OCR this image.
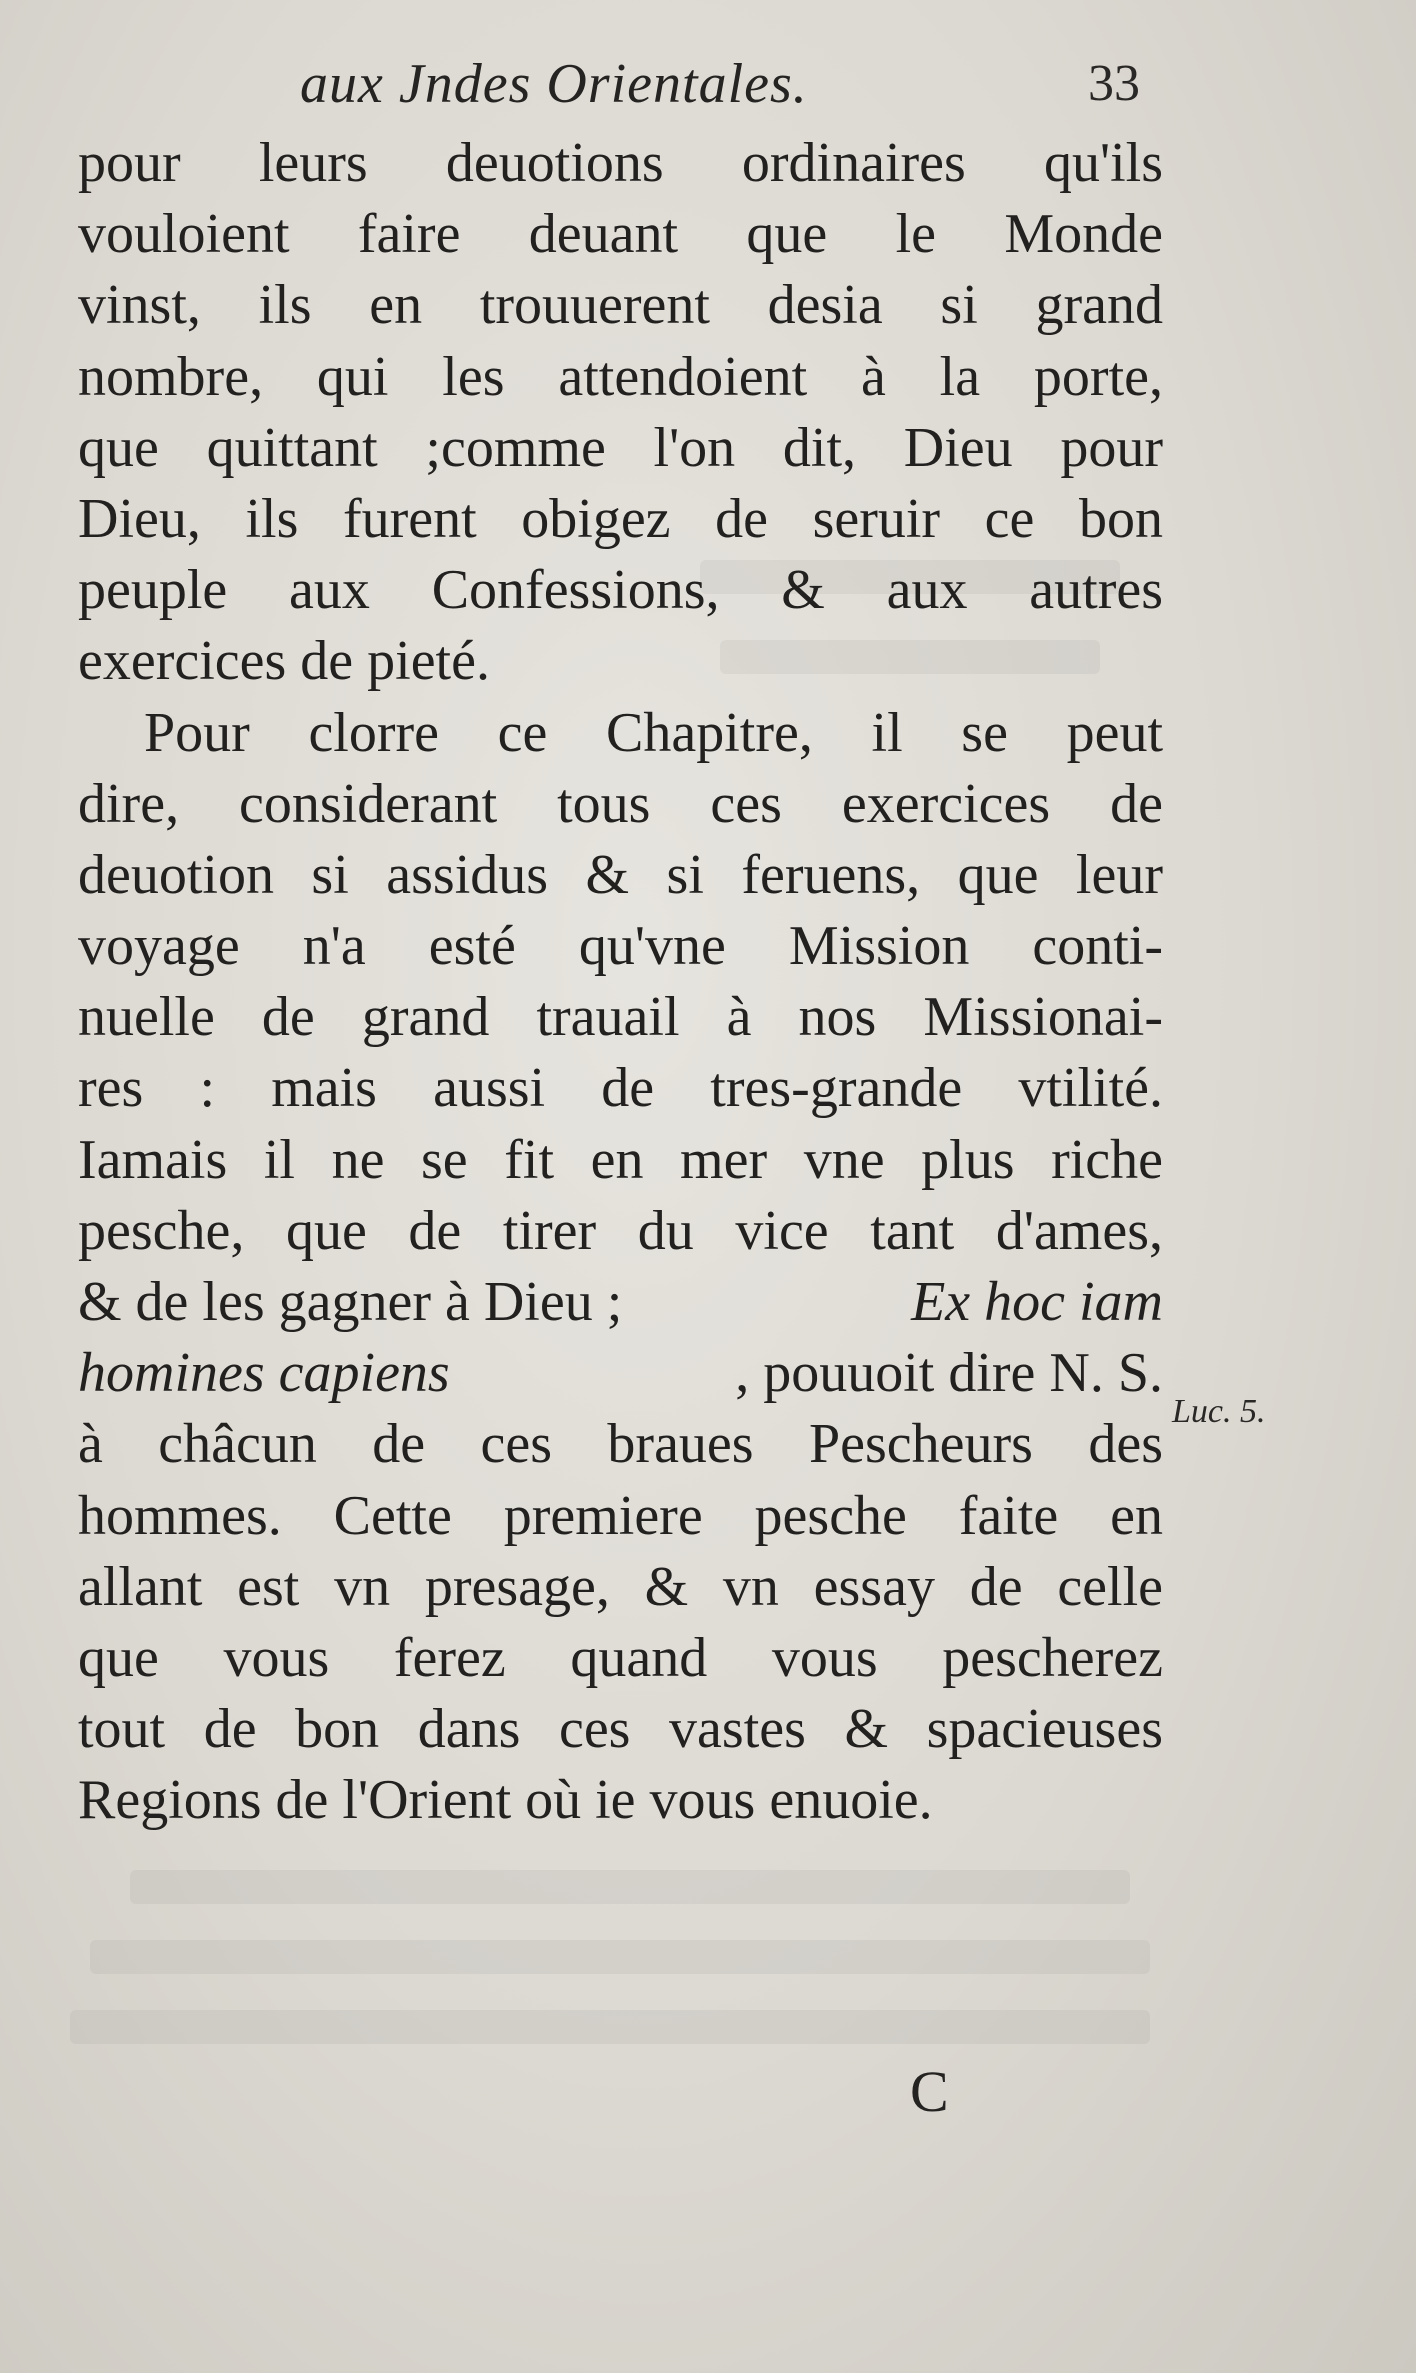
aux Jndes Orientales.	33
pour leurs deuotions ordinaires qu'ils
vouloient faire deuant que le Monde
vinst, ils en trouuerent desia si grand
nombre, qui les attendoient à la porte,
que quittant ;comme l'on dit, Dieu pour
Dieu, ils furent obigez de seruir ce bon
peuple aux Confessions, & aux autres
exercices de pieté.
Pour clorre ce Chapitre, il se peut
dire, considerant tous ces exercices de
deuotion si assidus & si feruens, que leur
voyage n'a esté qu'vne Mission conti-
nuelle de grand trauail à nos Missionai-
res : mais aussi de tres-grande vtilité.
Iamais il ne se fit en mer vne plus riche
pesche, que de tirer du vice tant d'ames,
& de les gagner à Dieu ;	Ex hoc iam
homines capiens	, pouuoit dire N. S.
à châcun de ces braues Pescheurs des
hommes. Cette premiere pesche faite en
allant est vn presage, & vn essay de celle
que vous ferez quand vous pescherez
tout de bon dans ces vastes & spacieuses
Regions de l'Orient où ie vous enuoie.
Luc. 5.
C
